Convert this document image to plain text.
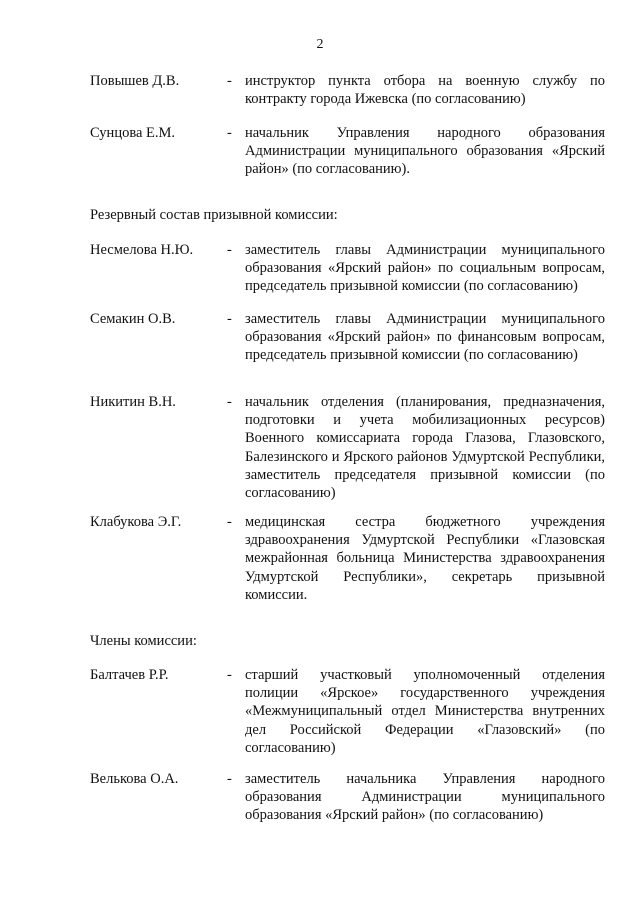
2
Повышев Д.В.	- инструктор пункта отбора на военную службу по контракту города Ижевска (по согласованию)
Сунцова Е.М.	- начальник Управления народного образования Администрации муниципального образования «Ярский район» (по согласованию).
Резервный состав призывной комиссии:
Несмелова Н.Ю. - заместитель главы Администрации муниципального образования «Ярский район» по социальным вопросам, председатель призывной комиссии (по согласованию)
Семакин О.В.	- заместитель главы Администрации муниципального образования «Ярский район» по финансовым вопросам, председатель призывной комиссии (по согласованию)
Никитин В.Н.	- начальник отделения (планирования, предназначения, подготовки и учета мобилизационных ресурсов) Военного комиссариата города Глазова, Глазовского, Балезинского и Ярского районов Удмуртской Республики, заместитель председателя призывной комиссии (по согласованию)
Клабукова Э.Г.	- медицинская сестра бюджетного учреждения здравоохранения Удмуртской Республики «Глазовская межрайонная больница Министерства здравоохранения Удмуртской Республики», секретарь призывной комиссии.
Члены комиссии:
Балтачев Р.Р.	- старший участковый уполномоченный отделения полиции «Ярское» государственного учреждения «Межмуниципальный отдел Министерства внутренних дел Российской Федерации «Глазовский» (по согласованию)
Велькова О.А.	- заместитель начальника Управления народного образования Администрации муниципального образования «Ярский район» (по согласованию)
